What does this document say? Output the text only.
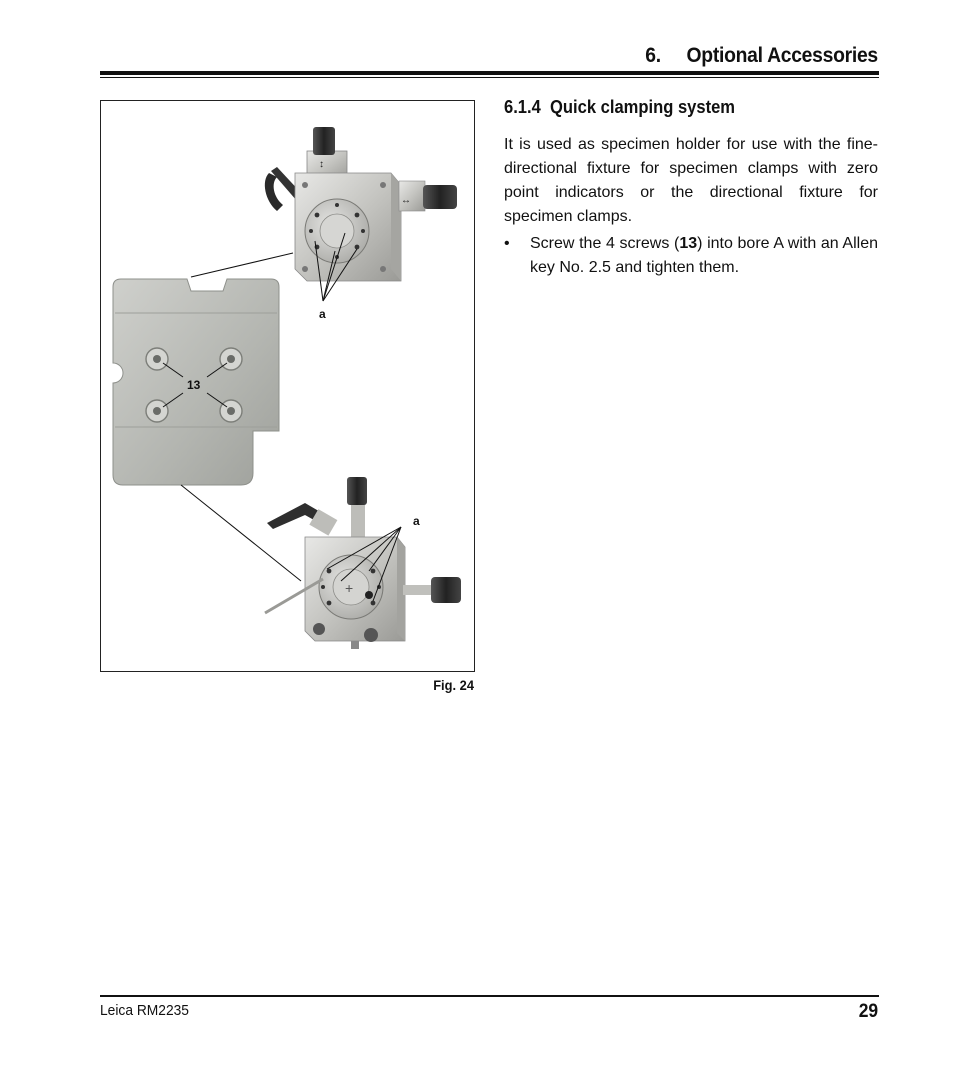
6. Optional Accessories
↕
↔
a
13
+
a
Fig. 24
6.1.4 Quick clamping system
It is used as specimen holder for use with the fine-directional fixture for specimen clamps with zero point indicators or the directional fixture for specimen clamps.
• Screw the 4 screws (13) into bore A with an Allen key No. 2.5 and tighten them.
Leica RM2235	29
